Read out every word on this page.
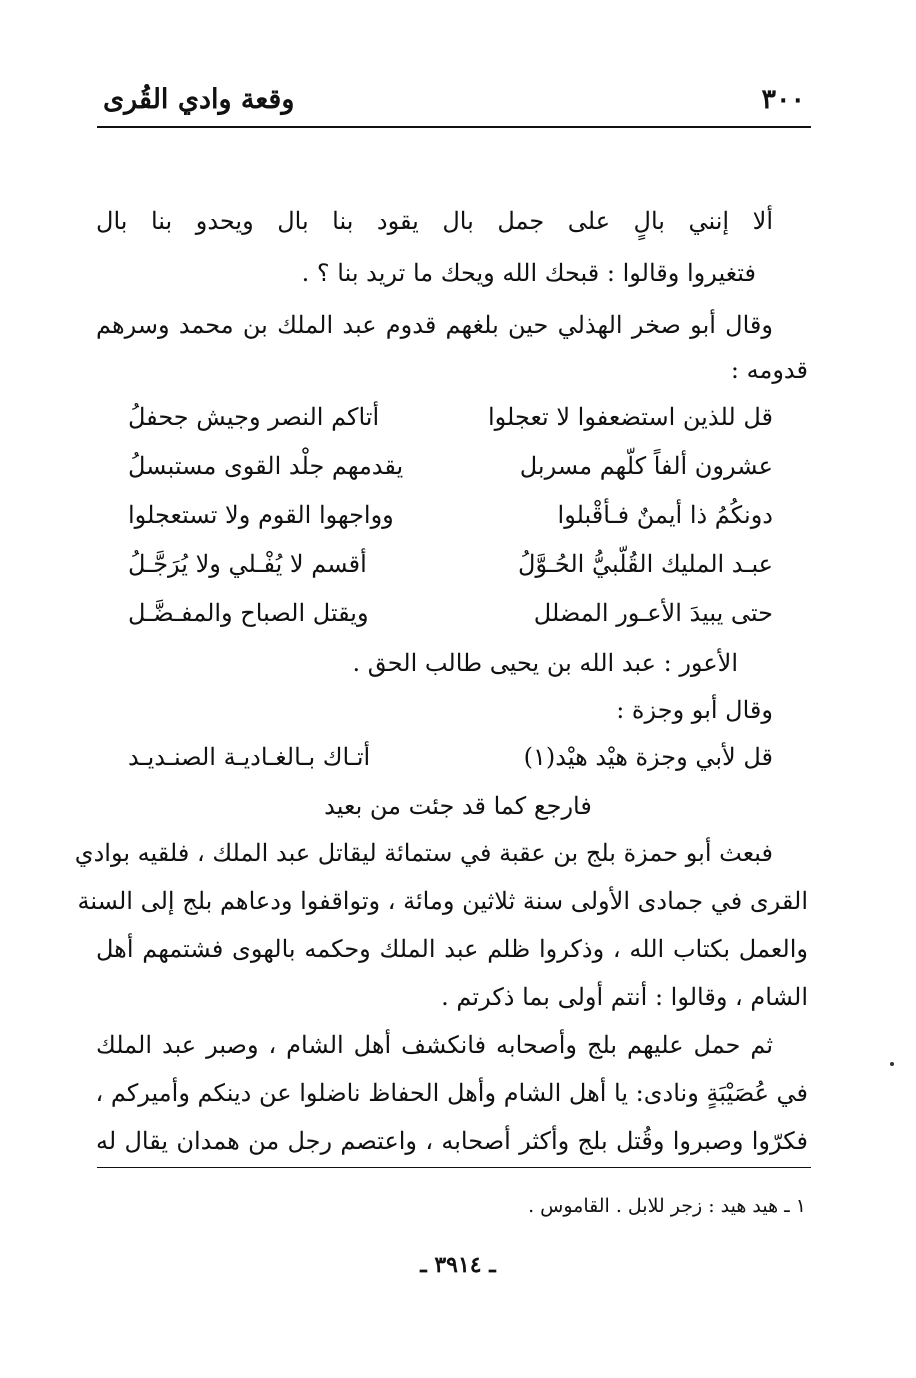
٣٠٠
وقعة وادي القُرى
ألا إنني بالٍ على جمل بال يقود بنا بال ويحدو بنا بال
فتغيروا وقالوا : قبحك الله ويحك ما تريد بنا ؟ .
وقال أبو صخر الهذلي حين بلغهم قدوم عبد الملك بن محمد وسرهم
قدومه :
قل للذين استضعفوا لا تعجلوا
أتاكم النصر وجيش جحفلُ
عشرون ألفاً كلّهم مسربل
يقدمهم جلْد القوى مستبسلُ
دونكُمُ ذا أيمنٌ فـأقْبلوا
وواجهوا القوم ولا تستعجلوا
عبـد المليك القُلّبيُّ الحُـوَّلُ
أقسم لا يُفْـلي ولا يُرَجَّـلُ
حتى يبيدَ الأعـور المضلل
ويقتل الصباح والمفـضَّـل
الأعور : عبد الله بن يحيى طالب الحق .
وقال أبو وجزة :
قل لأبي وجزة هيْد هيْد(١)
أتـاك بـالغـاديـة الصنـديـد
فارجع كما قد جئت من بعيد
فبعث أبو حمزة بلج بن عقبة في ستمائة ليقاتل عبد الملك ، فلقيه بوادي
القرى في جمادى الأولى سنة ثلاثين ومائة ، وتواقفوا ودعاهم بلج إلى السنة
والعمل بكتاب الله ، وذكروا ظلم عبد الملك وحكمه بالهوى فشتمهم أهل
الشام ، وقالوا : أنتم أولى بما ذكرتم .
ثم حمل عليهم بلج وأصحابه فانكشف أهل الشام ، وصبر عبد الملك
في عُصَيْبَةٍ ونادى: يا أهل الشام وأهل الحفاظ ناضلوا عن دينكم وأميركم ،
فكرّوا وصبروا وقُتل بلج وأكثر أصحابه ، واعتصم رجل من همدان يقال له
١ ـ هيد هيد : زجر للابل . القاموس .
ـ ٣٩١٤ ـ
